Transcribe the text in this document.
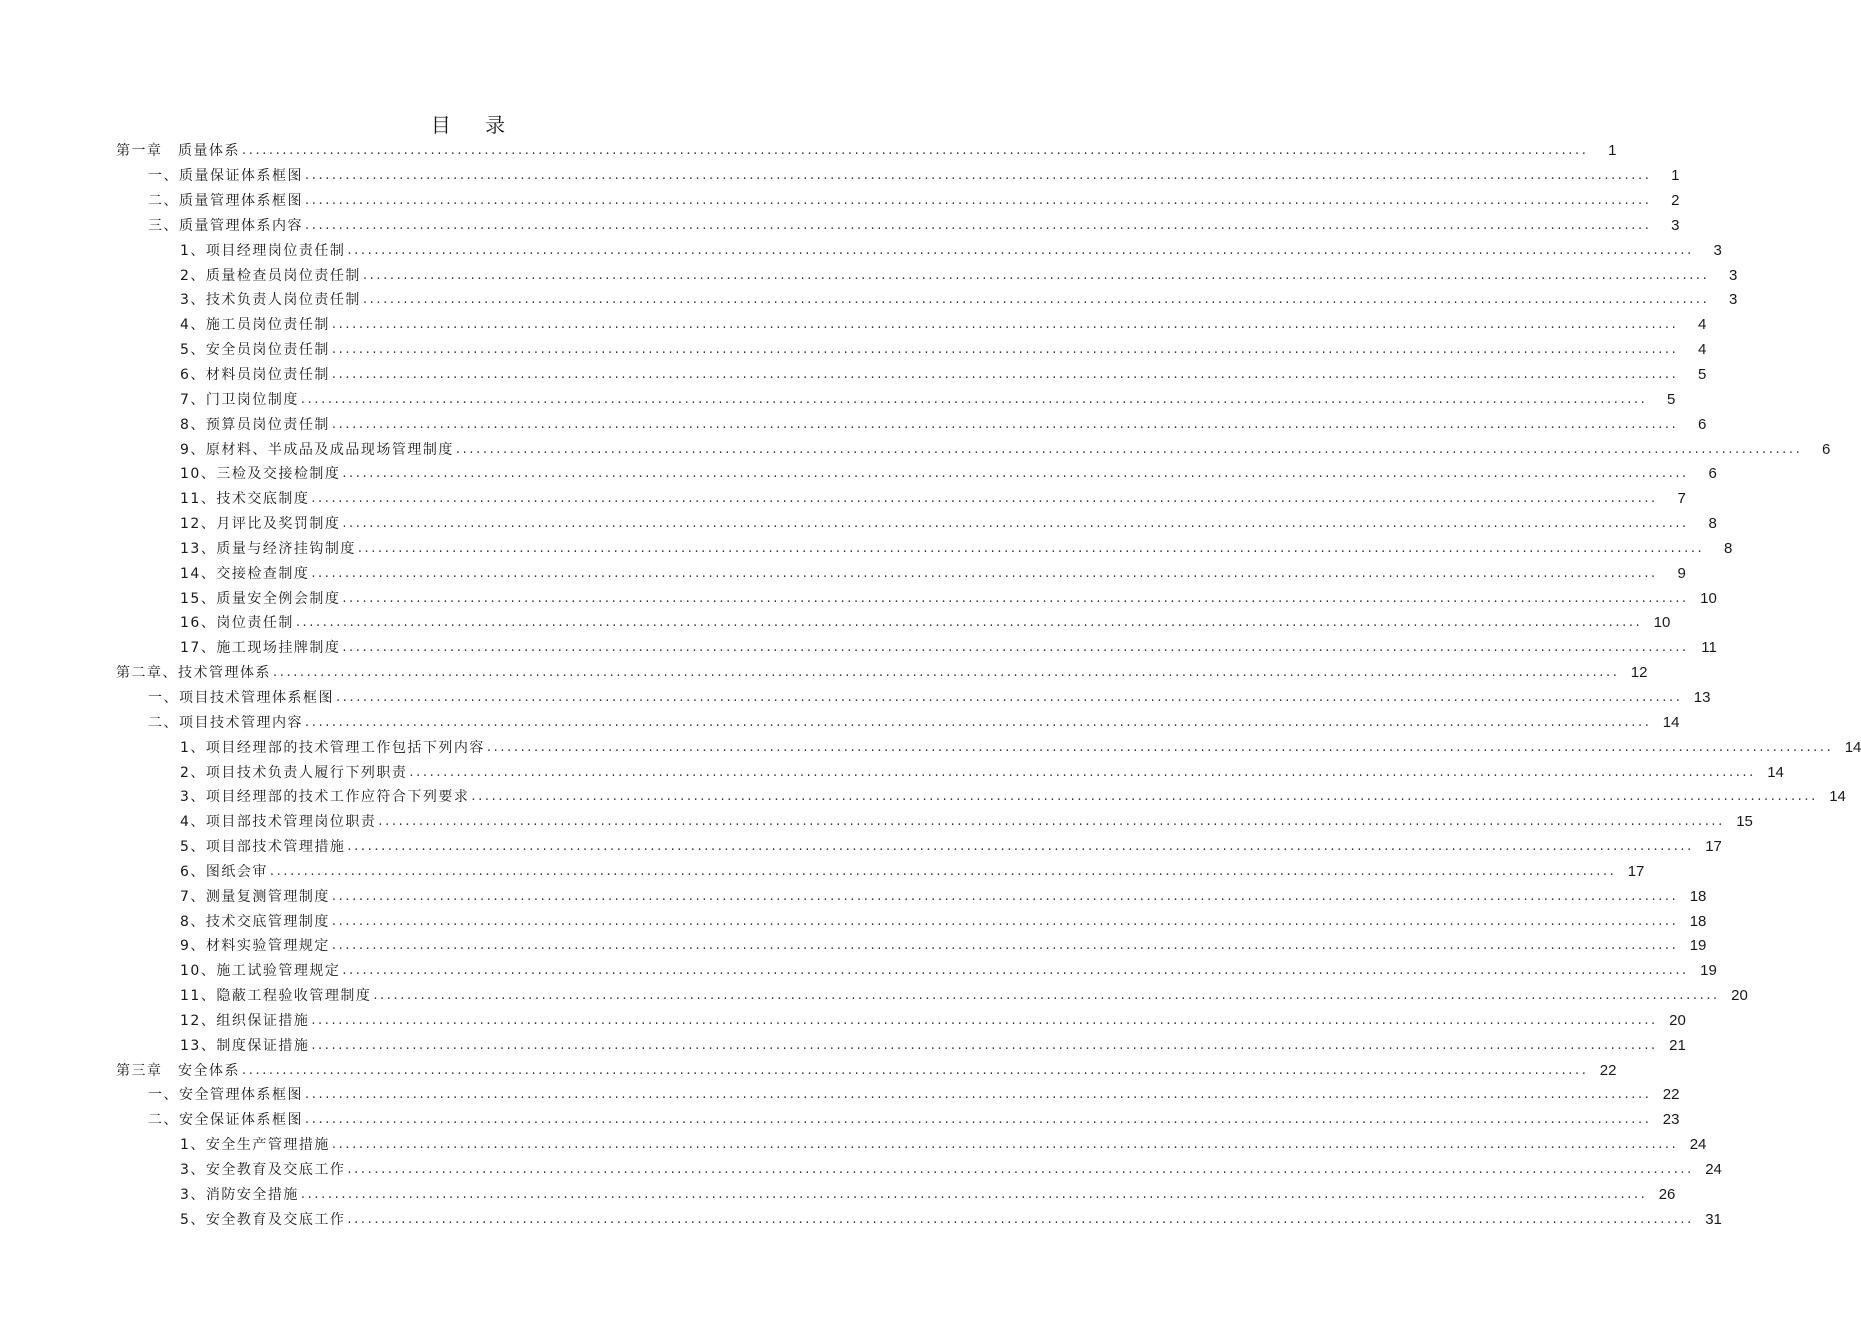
目 录
第一章　质量体系 ........................................................................................................................................................................................................	1
一、质量保证体系框图 ........................................................................................................................................................................................................	1
二、质量管理体系框图 ........................................................................................................................................................................................................	2
三、质量管理体系内容 ........................................................................................................................................................................................................	3
1、项目经理岗位责任制 ........................................................................................................................................................................................................	3
2、质量检查员岗位责任制 ........................................................................................................................................................................................................	3
3、技术负责人岗位责任制 ........................................................................................................................................................................................................	3
4、施工员岗位责任制 ........................................................................................................................................................................................................	4
5、安全员岗位责任制 ........................................................................................................................................................................................................	4
6、材料员岗位责任制 ........................................................................................................................................................................................................	5
7、门卫岗位制度 ........................................................................................................................................................................................................	5
8、预算员岗位责任制 ........................................................................................................................................................................................................	6
9、原材料、半成品及成品现场管理制度 ........................................................................................................................................................................................................	6
10、三检及交接检制度 ........................................................................................................................................................................................................	6
11、技术交底制度 ........................................................................................................................................................................................................	7
12、月评比及奖罚制度 ........................................................................................................................................................................................................	8
13、质量与经济挂钩制度 ........................................................................................................................................................................................................	8
14、交接检查制度 ........................................................................................................................................................................................................	9
15、质量安全例会制度 ........................................................................................................................................................................................................ 10
16、岗位责任制 ........................................................................................................................................................................................................ 10
17、施工现场挂牌制度 ........................................................................................................................................................................................................ 11
第二章、技术管理体系 ........................................................................................................................................................................................................ 12
一、项目技术管理体系框图 ........................................................................................................................................................................................................ 13
二、项目技术管理内容 ........................................................................................................................................................................................................ 14
1、项目经理部的技术管理工作包括下列内容 ........................................................................................................................................................................................................ 14
2、项目技术负责人履行下列职责 ........................................................................................................................................................................................................ 14
3、项目经理部的技术工作应符合下列要求 ........................................................................................................................................................................................................ 14
4、项目部技术管理岗位职责 ........................................................................................................................................................................................................ 15
5、项目部技术管理措施 ........................................................................................................................................................................................................ 17
6、图纸会审 ........................................................................................................................................................................................................ 17
7、测量复测管理制度 ........................................................................................................................................................................................................ 18
8、技术交底管理制度 ........................................................................................................................................................................................................ 18
9、材料实验管理规定 ........................................................................................................................................................................................................ 19
10、施工试验管理规定 ........................................................................................................................................................................................................ 19
11、隐蔽工程验收管理制度 ........................................................................................................................................................................................................ 20
12、组织保证措施 ........................................................................................................................................................................................................ 20
13、制度保证措施 ........................................................................................................................................................................................................ 21
第三章　安全体系 ........................................................................................................................................................................................................ 22
一、安全管理体系框图 ........................................................................................................................................................................................................ 22
二、安全保证体系框图 ........................................................................................................................................................................................................ 23
1、安全生产管理措施 ........................................................................................................................................................................................................ 24
3、安全教育及交底工作 ........................................................................................................................................................................................................ 24
3、消防安全措施 ........................................................................................................................................................................................................ 26
5、安全教育及交底工作 ........................................................................................................................................................................................................ 31
